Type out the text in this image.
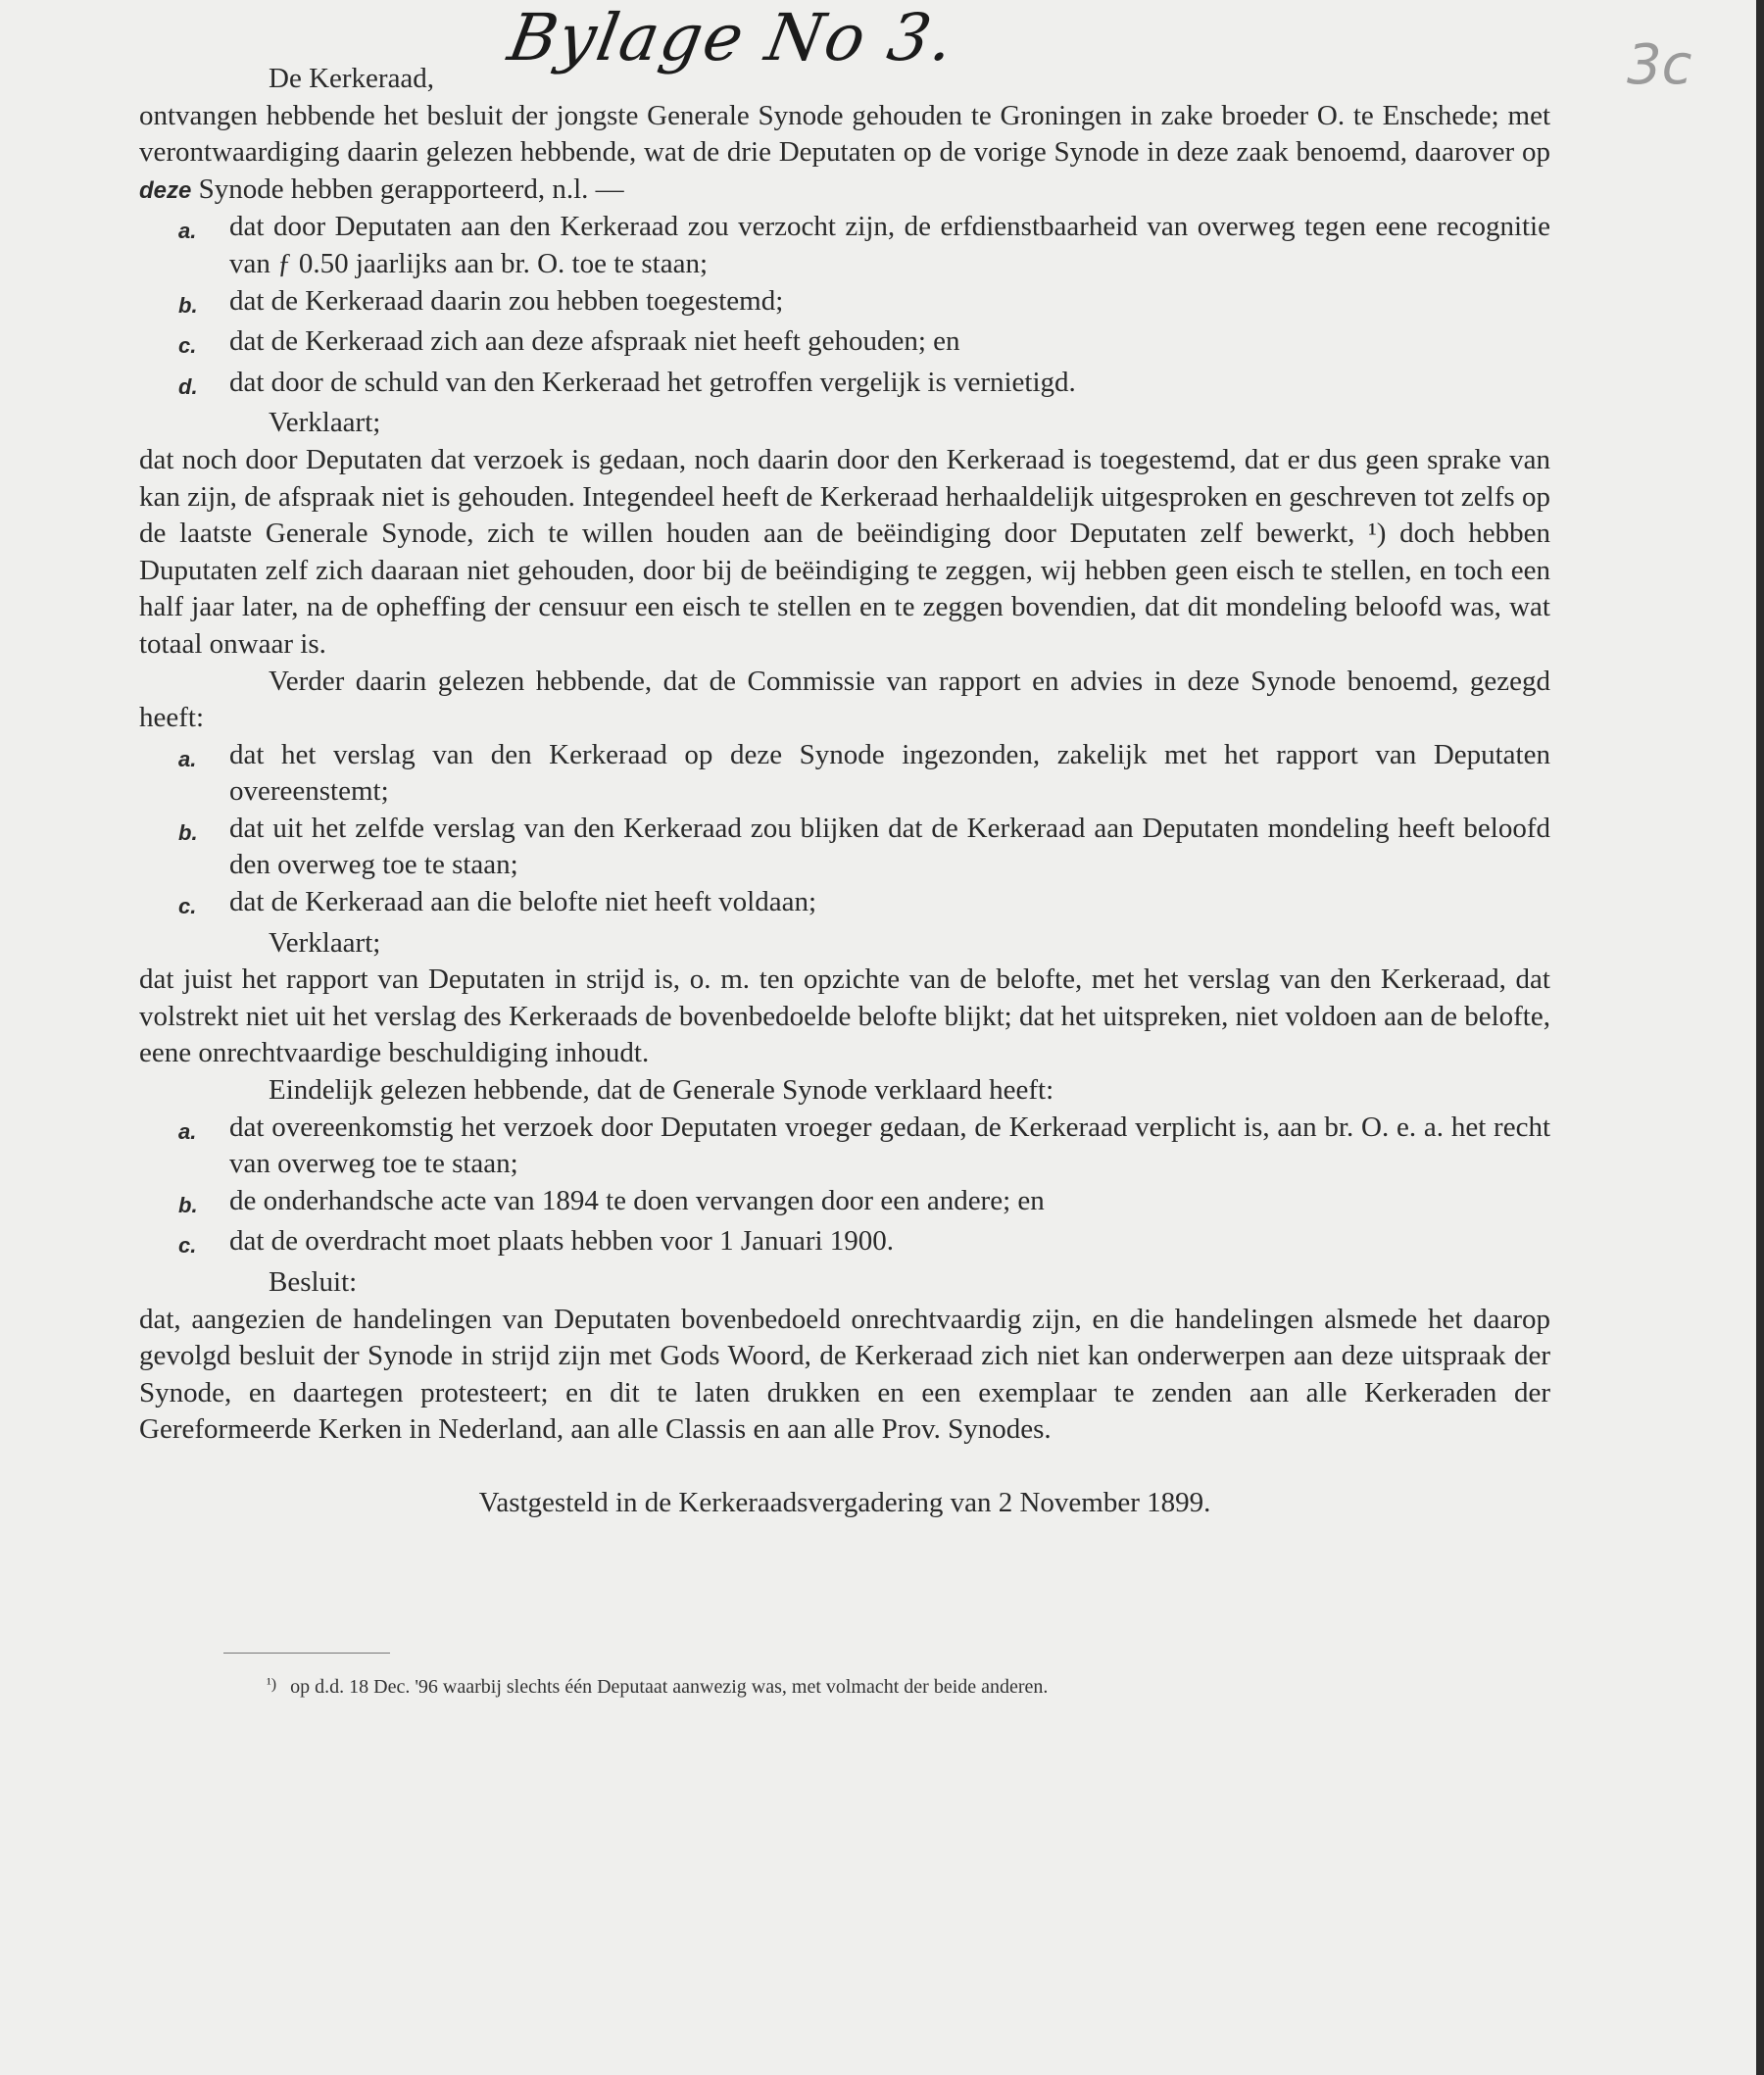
Bylage No 3.	3c

De Kerkeraad,

ontvangen hebbende het besluit der jongste Generale Synode gehouden te Groningen in zake broeder O. te Enschede; met verontwaardiging daarin gelezen hebbende, wat de drie Deputaten op de vorige Synode in deze zaak benoemd, daarover op deze Synode hebben gerapporteerd, n.l. —

a.	dat door Deputaten aan den Kerkeraad zou verzocht zijn, de erfdienstbaarheid van overweg tegen eene recognitie van ƒ 0.50 jaarlijks aan br. O. toe te staan;
b.	dat de Kerkeraad daarin zou hebben toegestemd;
c.	dat de Kerkeraad zich aan deze afspraak niet heeft gehouden; en
d.	dat door de schuld van den Kerkeraad het getroffen vergelijk is vernietigd.

Verklaart;

dat noch door Deputaten dat verzoek is gedaan, noch daarin door den Kerkeraad is toegestemd, dat er dus geen sprake van kan zijn, de afspraak niet is gehouden. Integendeel heeft de Kerkeraad herhaaldelijk uitgesproken en geschreven tot zelfs op de laatste Generale Synode, zich te willen houden aan de beëindiging door Deputaten zelf bewerkt, ¹) doch hebben Duputaten zelf zich daaraan niet gehouden, door bij de beëindiging te zeggen, wij hebben geen eisch te stellen, en toch een half jaar later, na de opheffing der censuur een eisch te stellen en te zeggen bovendien, dat dit mondeling beloofd was, wat totaal onwaar is.

Verder daarin gelezen hebbende, dat de Commissie van rapport en advies in deze Synode benoemd, gezegd heeft:

a.	dat het verslag van den Kerkeraad op deze Synode ingezonden, zakelijk met het rapport van Deputaten overeenstemt;
b.	dat uit het zelfde verslag van den Kerkeraad zou blijken dat de Kerkeraad aan Deputaten mondeling heeft beloofd den overweg toe te staan;
c.	dat de Kerkeraad aan die belofte niet heeft voldaan;

Verklaart;

dat juist het rapport van Deputaten in strijd is, o. m. ten opzichte van de belofte, met het verslag van den Kerkeraad, dat volstrekt niet uit het verslag des Kerkeraads de bovenbedoelde belofte blijkt; dat het uitspreken, niet voldoen aan de belofte, eene onrechtvaardige beschuldiging inhoudt.

Eindelijk gelezen hebbende, dat de Generale Synode verklaard heeft:

a.	dat overeenkomstig het verzoek door Deputaten vroeger gedaan, de Kerkeraad verplicht is, aan br. O. e. a. het recht van overweg toe te staan;
b.	de onderhandsche acte van 1894 te doen vervangen door een andere; en
c.	dat de overdracht moet plaats hebben voor 1 Januari 1900.

Besluit:

dat, aangezien de handelingen van Deputaten bovenbedoeld onrechtvaardig zijn, en die handelingen alsmede het daarop gevolgd besluit der Synode in strijd zijn met Gods Woord, de Kerkeraad zich niet kan onderwerpen aan deze uitspraak der Synode, en daartegen protesteert; en dit te laten drukken en een exemplaar te zenden aan alle Kerkeraden der Gereformeerde Kerken in Nederland, aan alle Classis en aan alle Prov. Synodes.

Vastgesteld in de Kerkeraadsvergadering van 2 November 1899.

$^{^1)}$ op d.d. 18 Dec. '96 waarbij slechts één Deputaat aanwezig was, met volmacht der beide anderen.
